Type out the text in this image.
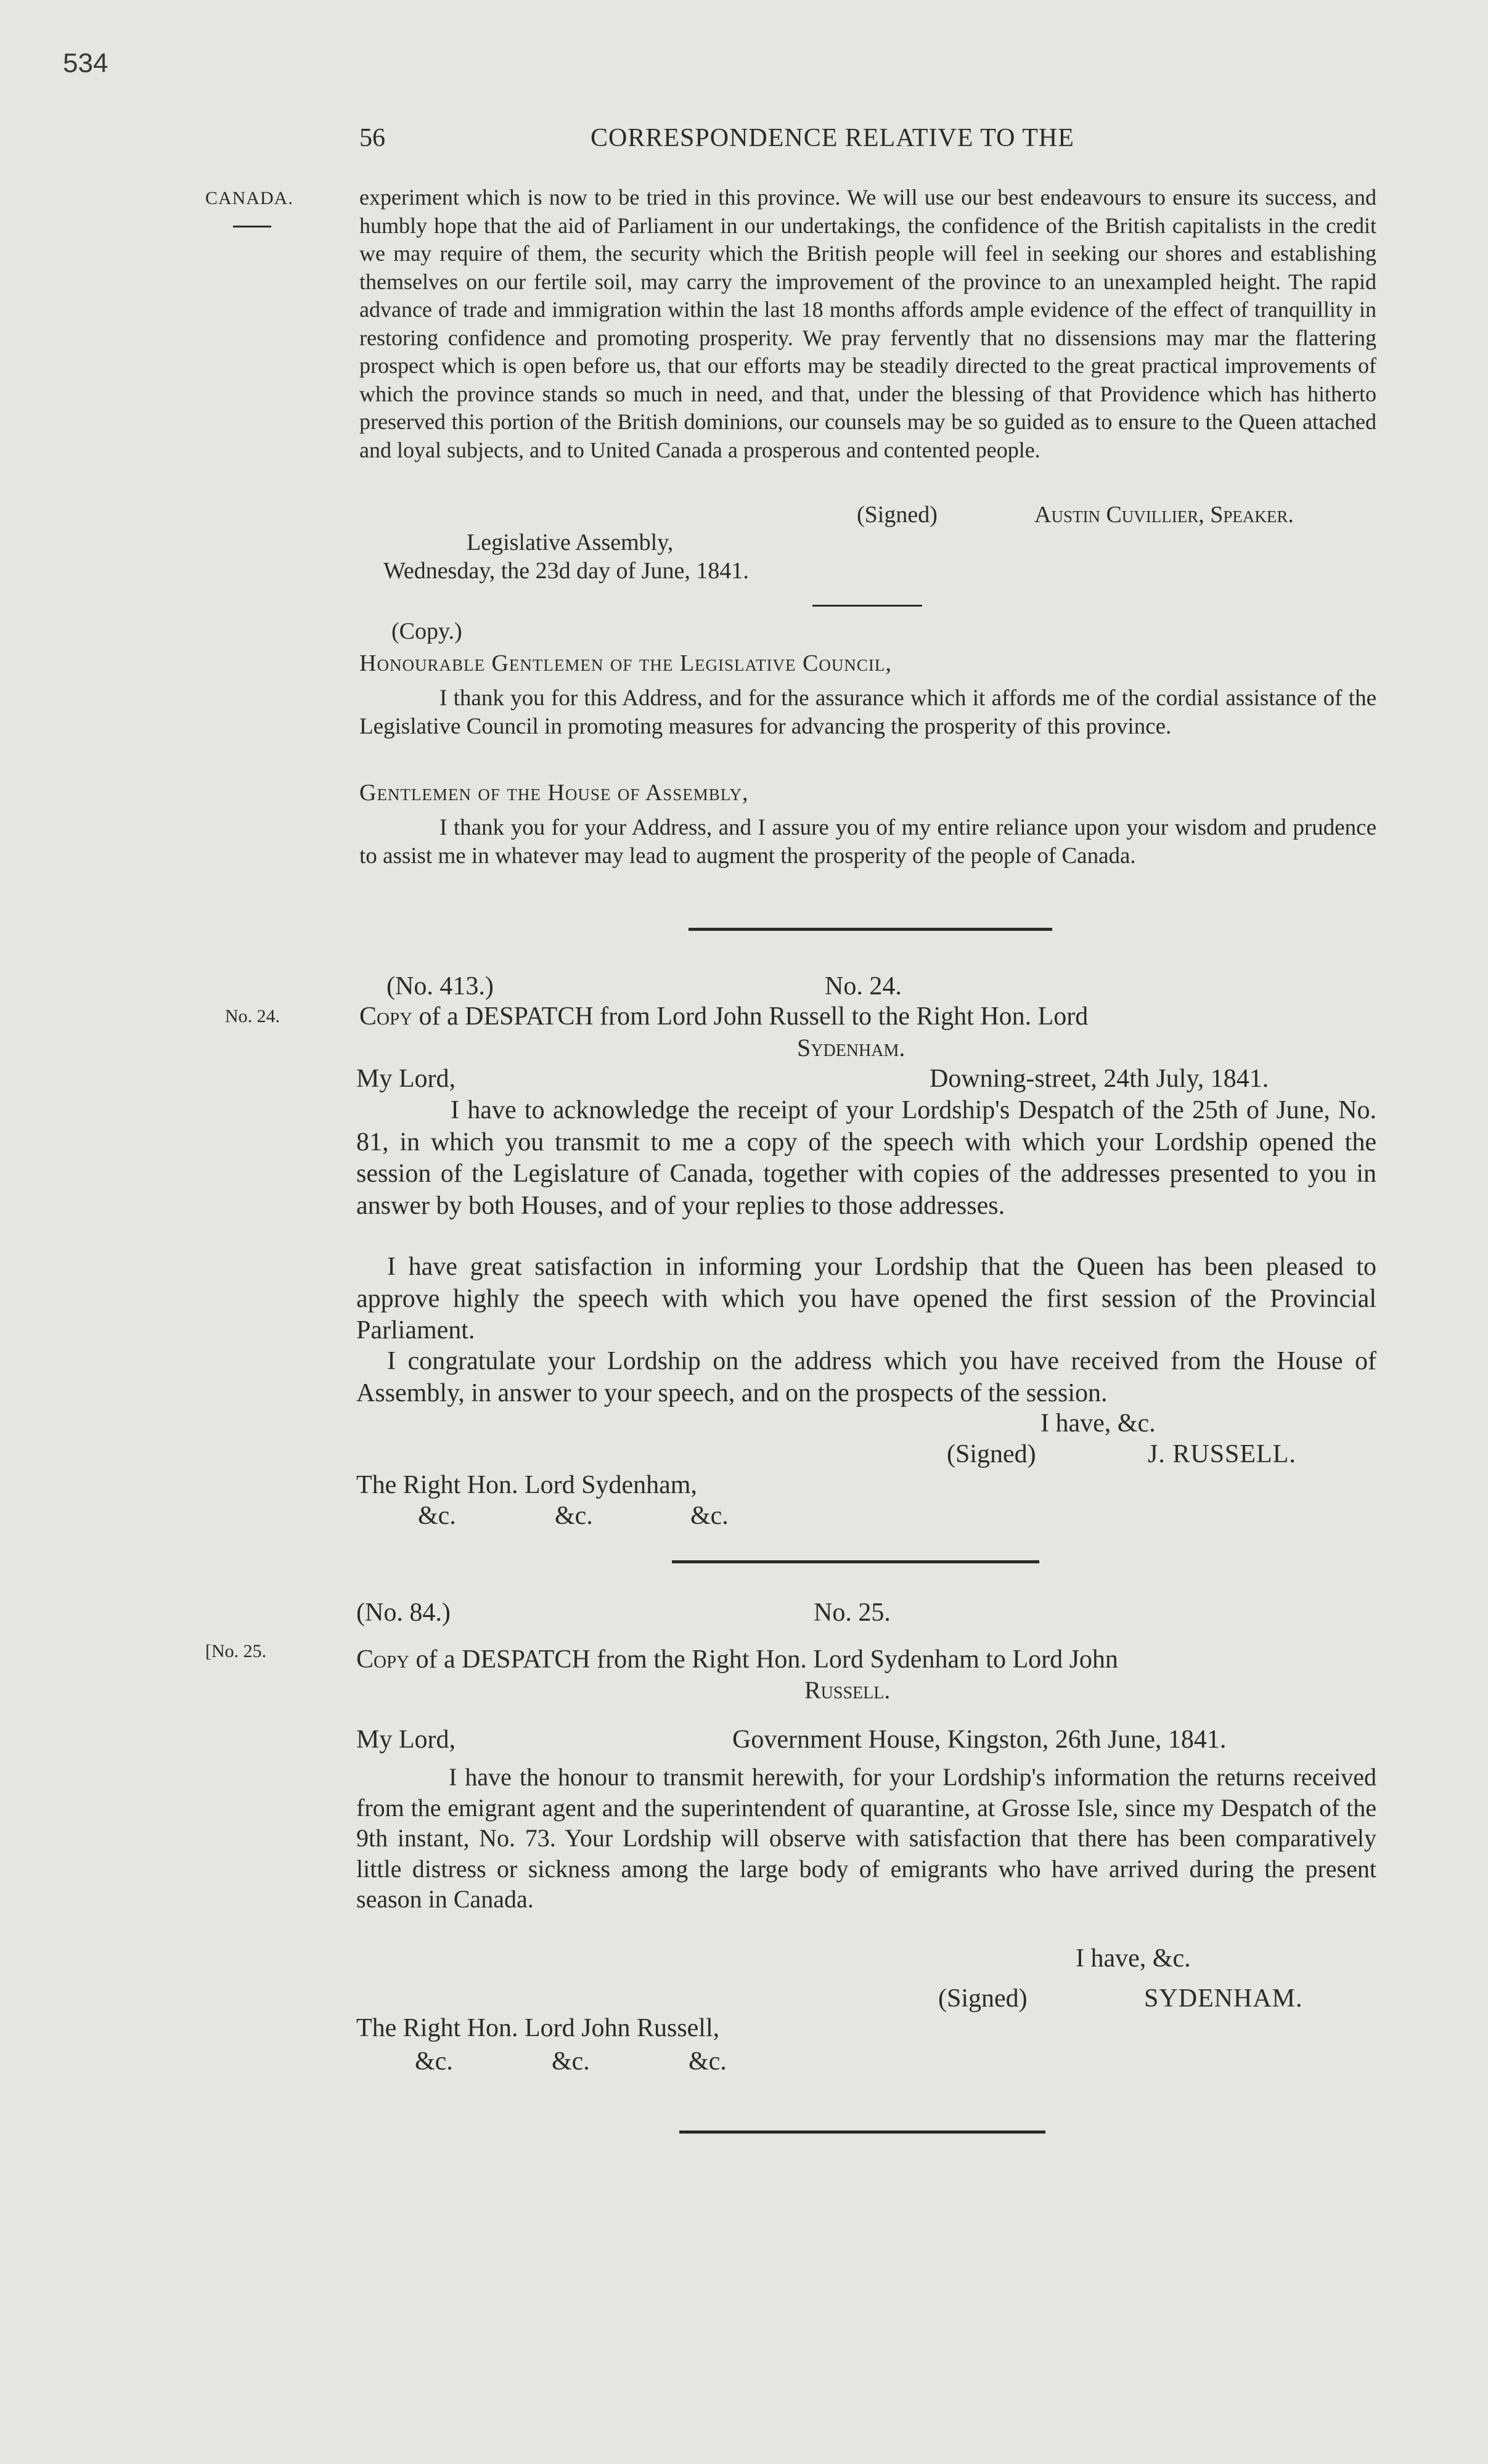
534
56	CORRESPONDENCE RELATIVE TO THE
CANADA.
No. 24.
[No. 25.
experiment which is now to be tried in this province. We will use our best endeavours to ensure its success, and humbly hope that the aid of Parliament in our undertakings, the confidence of the British capitalists in the credit we may require of them, the security which the British people will feel in seeking our shores and establishing themselves on our fertile soil, may carry the improvement of the province to an unexampled height. The rapid advance of trade and immigration within the last 18 months affords ample evidence of the effect of tranquillity in restoring confidence and promoting prosperity. We pray fervently that no dissensions may mar the flattering prospect which is open before us, that our efforts may be steadily directed to the great practical improvements of which the province stands so much in need, and that, under the blessing of that Providence which has hitherto preserved this portion of the British dominions, our counsels may be so guided as to ensure to the Queen attached and loyal subjects, and to United Canada a prosperous and contented people.
(Signed)	Austin Cuvillier, Speaker.
Legislative Assembly,
Wednesday, the 23d day of June, 1841.
(Copy.)
Honourable Gentlemen of the Legislative Council,
I thank you for this Address, and for the assurance which it affords me of the cordial assistance of the Legislative Council in promoting measures for advancing the prosperity of this province.
Gentlemen of the House of Assembly,
I thank you for your Address, and I assure you of my entire reliance upon your wisdom and prudence to assist me in whatever may lead to augment the prosperity of the people of Canada.
(No. 413.)	No. 24.
Copy of a DESPATCH from Lord John Russell to the Right Hon. Lord
Sydenham.
My Lord,	Downing-street, 24th July, 1841.
I have to acknowledge the receipt of your Lordship's Despatch of the 25th of June, No. 81, in which you transmit to me a copy of the speech with which your Lordship opened the session of the Legislature of Canada, together with copies of the addresses presented to you in answer by both Houses, and of your replies to those addresses.
I have great satisfaction in informing your Lordship that the Queen has been pleased to approve highly the speech with which you have opened the first session of the Provincial Parliament.
I congratulate your Lordship on the address which you have received from the House of Assembly, in answer to your speech, and on the prospects of the session.
I have, &c.
(Signed)	J. RUSSELL.
The Right Hon. Lord Sydenham,
&c.	&c.	&c.
(No. 84.)	No. 25.
Copy of a DESPATCH from the Right Hon. Lord Sydenham to Lord John
Russell.
My Lord,	Government House, Kingston, 26th June, 1841.
I have the honour to transmit herewith, for your Lordship's information the returns received from the emigrant agent and the superintendent of quarantine, at Grosse Isle, since my Despatch of the 9th instant, No. 73. Your Lordship will observe with satisfaction that there has been comparatively little distress or sickness among the large body of emigrants who have arrived during the present season in Canada.
I have, &c.
(Signed)	SYDENHAM.
The Right Hon. Lord John Russell,
&c.	&c.	&c.
